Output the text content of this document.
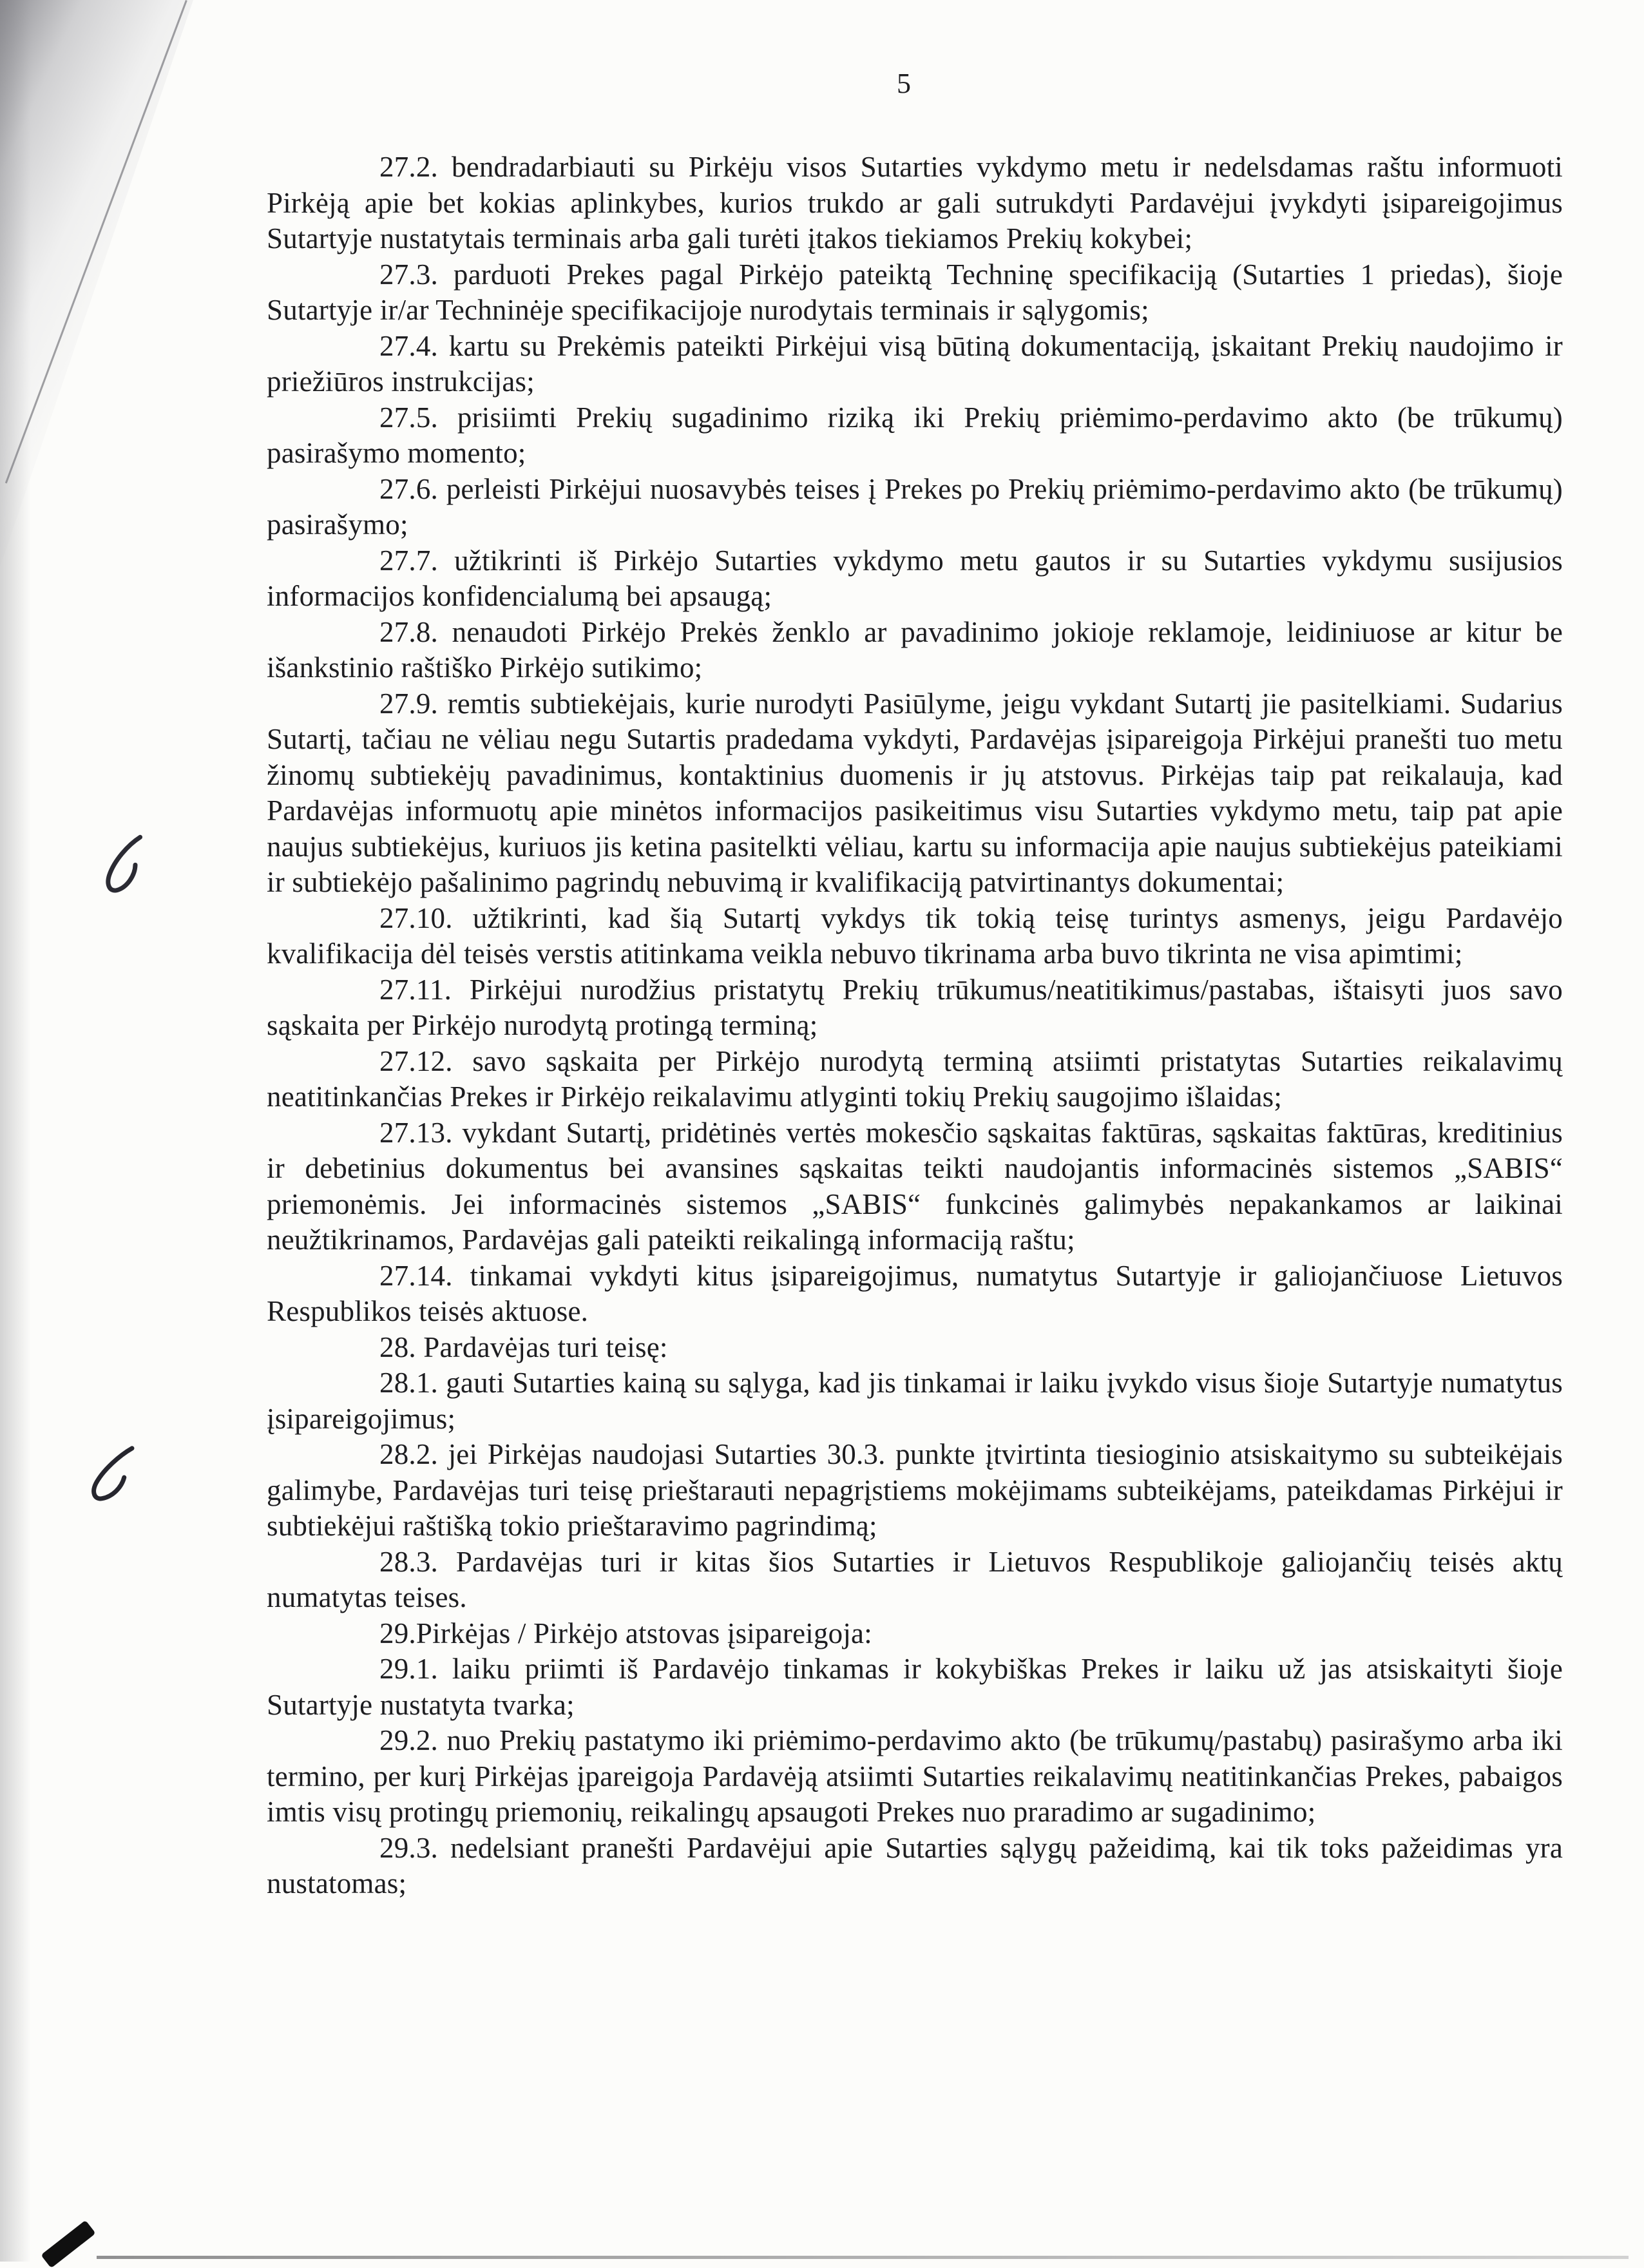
5

27.2. bendradarbiauti su Pirkėju visos Sutarties vykdymo metu ir nedelsdamas raštu informuoti Pirkėją apie bet kokias aplinkybes, kurios trukdo ar gali sutrukdyti Pardavėjui įvykdyti įsipareigojimus Sutartyje nustatytais terminais arba gali turėti įtakos tiekiamos Prekių kokybei;

27.3. parduoti Prekes pagal Pirkėjo pateiktą Techninę specifikaciją (Sutarties 1 priedas), šioje Sutartyje ir/ar Techninėje specifikacijoje nurodytais terminais ir sąlygomis;

27.4. kartu su Prekėmis pateikti Pirkėjui visą būtiną dokumentaciją, įskaitant Prekių naudojimo ir priežiūros instrukcijas;

27.5. prisiimti Prekių sugadinimo riziką iki Prekių priėmimo-perdavimo akto (be trūkumų) pasirašymo momento;

27.6. perleisti Pirkėjui nuosavybės teises į Prekes po Prekių priėmimo-perdavimo akto (be trūkumų) pasirašymo;

27.7. užtikrinti iš Pirkėjo Sutarties vykdymo metu gautos ir su Sutarties vykdymu susijusios informacijos konfidencialumą bei apsaugą;

27.8. nenaudoti Pirkėjo Prekės ženklo ar pavadinimo jokioje reklamoje, leidiniuose ar kitur be išankstinio raštiško Pirkėjo sutikimo;

27.9. remtis subtiekėjais, kurie nurodyti Pasiūlyme, jeigu vykdant Sutartį jie pasitelkiami. Sudarius Sutartį, tačiau ne vėliau negu Sutartis pradedama vykdyti, Pardavėjas įsipareigoja Pirkėjui pranešti tuo metu žinomų subtiekėjų pavadinimus, kontaktinius duomenis ir jų atstovus. Pirkėjas taip pat reikalauja, kad Pardavėjas informuotų apie minėtos informacijos pasikeitimus visu Sutarties vykdymo metu, taip pat apie naujus subtiekėjus, kuriuos jis ketina pasitelkti vėliau, kartu su informacija apie naujus subtiekėjus pateikiami ir subtiekėjo pašalinimo pagrindų nebuvimą ir kvalifikaciją patvirtinantys dokumentai;

27.10. užtikrinti, kad šią Sutartį vykdys tik tokią teisę turintys asmenys, jeigu Pardavėjo kvalifikacija dėl teisės verstis atitinkama veikla nebuvo tikrinama arba buvo tikrinta ne visa apimtimi;

27.11. Pirkėjui nurodžius pristatytų Prekių trūkumus/neatitikimus/pastabas, ištaisyti juos savo sąskaita per Pirkėjo nurodytą protingą terminą;

27.12. savo sąskaita per Pirkėjo nurodytą terminą atsiimti pristatytas Sutarties reikalavimų neatitinkančias Prekes ir Pirkėjo reikalavimu atlyginti tokių Prekių saugojimo išlaidas;

27.13. vykdant Sutartį, pridėtinės vertės mokesčio sąskaitas faktūras, sąskaitas faktūras, kreditinius ir debetinius dokumentus bei avansines sąskaitas teikti naudojantis informacinės sistemos „SABIS“ priemonėmis. Jei informacinės sistemos „SABIS“ funkcinės galimybės nepakankamos ar laikinai neužtikrinamos, Pardavėjas gali pateikti reikalingą informaciją raštu;

27.14. tinkamai vykdyti kitus įsipareigojimus, numatytus Sutartyje ir galiojančiuose Lietuvos Respublikos teisės aktuose.

28. Pardavėjas turi teisę:

28.1. gauti Sutarties kainą su sąlyga, kad jis tinkamai ir laiku įvykdo visus šioje Sutartyje numatytus įsipareigojimus;

28.2. jei Pirkėjas naudojasi Sutarties 30.3. punkte įtvirtinta tiesioginio atsiskaitymo su subteikėjais galimybe, Pardavėjas turi teisę prieštarauti nepagrįstiems mokėjimams subteikėjams, pateikdamas Pirkėjui ir subtiekėjui raštišką tokio prieštaravimo pagrindimą;

28.3. Pardavėjas turi ir kitas šios Sutarties ir Lietuvos Respublikoje galiojančių teisės aktų numatytas teises.

29.Pirkėjas / Pirkėjo atstovas įsipareigoja:

29.1. laiku priimti iš Pardavėjo tinkamas ir kokybiškas Prekes ir laiku už jas atsiskaityti šioje Sutartyje nustatyta tvarka;

29.2. nuo Prekių pastatymo iki priėmimo-perdavimo akto (be trūkumų/pastabų) pasirašymo arba iki termino, per kurį Pirkėjas įpareigoja Pardavėją atsiimti Sutarties reikalavimų neatitinkančias Prekes, pabaigos imtis visų protingų priemonių, reikalingų apsaugoti Prekes nuo praradimo ar sugadinimo;

29.3. nedelsiant pranešti Pardavėjui apie Sutarties sąlygų pažeidimą, kai tik toks pažeidimas yra nustatomas;
